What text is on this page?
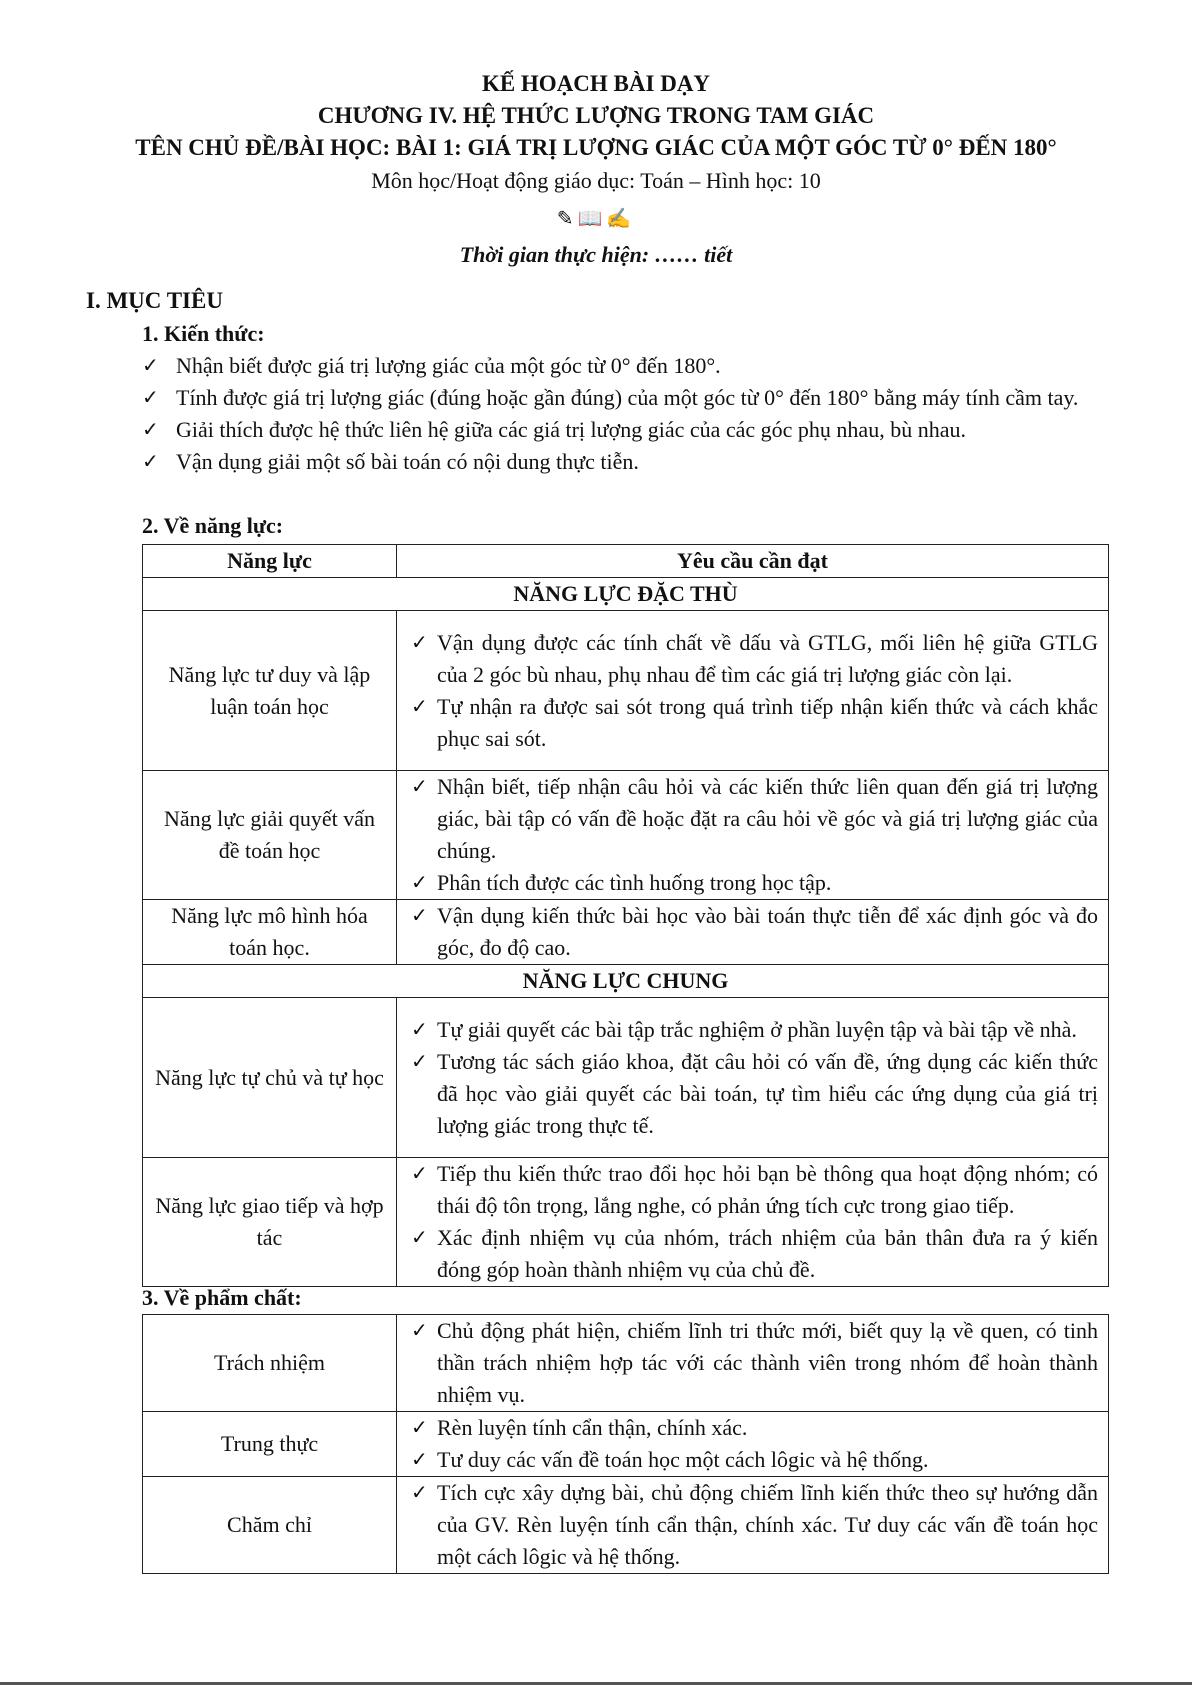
KẾ HOẠCH BÀI DẠY
CHƯƠNG IV. HỆ THỨC LƯỢNG TRONG TAM GIÁC
TÊN CHỦ ĐỀ/BÀI HỌC: BÀI 1: GIÁ TRỊ LƯỢNG GIÁC CỦA MỘT GÓC TỪ 0° ĐẾN 180°
Môn học/Hoạt động giáo dục: Toán – Hình học: 10
✎📖✍
Thời gian thực hiện: …… tiết
I. MỤC TIÊU
1. Kiến thức:
✓ Nhận biết được giá trị lượng giác của một góc từ 0° đến 180°.
✓ Tính được giá trị lượng giác (đúng hoặc gần đúng) của một góc từ 0° đến 180° bằng máy tính cầm tay.
✓ Giải thích được hệ thức liên hệ giữa các giá trị lượng giác của các góc phụ nhau, bù nhau.
✓ Vận dụng giải một số bài toán có nội dung thực tiễn.
2. Về năng lực:
Năng lực	Yêu cầu cần đạt
NĂNG LỰC ĐẶC THÙ	
Năng lực tư duy và lập luận toán học	✓ Vận dụng được các tính chất về dấu và GTLG, mối liên hệ giữa GTLG của 2 góc bù nhau, phụ nhau để tìm các giá trị lượng giác còn lại.
✓ Tự nhận ra được sai sót trong quá trình tiếp nhận kiến thức và cách khắc phục sai sót.

Năng lực giải quyết vấn đề toán học	✓ Nhận biết, tiếp nhận câu hỏi và các kiến thức liên quan đến giá trị lượng giác, bài tập có vấn đề hoặc đặt ra câu hỏi về góc và giá trị lượng giác của chúng.
✓ Phân tích được các tình huống trong học tập.

Năng lực mô hình hóa toán học.	✓ Vận dụng kiến thức bài học vào bài toán thực tiễn để xác định góc và đo góc, đo độ cao.

NĂNG LỰC CHUNG	
Năng lực tự chủ và tự học	✓ Tự giải quyết các bài tập trắc nghiệm ở phần luyện tập và bài tập về nhà.
✓ Tương tác sách giáo khoa, đặt câu hỏi có vấn đề, ứng dụng các kiến thức đã học vào giải quyết các bài toán, tự tìm hiểu các ứng dụng của giá trị lượng giác trong thực tế.

Năng lực giao tiếp và hợp tác	✓ Tiếp thu kiến thức trao đổi học hỏi bạn bè thông qua hoạt động nhóm; có thái độ tôn trọng, lắng nghe, có phản ứng tích cực trong giao tiếp.
✓ Xác định nhiệm vụ của nhóm, trách nhiệm của bản thân đưa ra ý kiến đóng góp hoàn thành nhiệm vụ của chủ đề.
3. Về phẩm chất:
Trách nhiệm	✓ Chủ động phát hiện, chiếm lĩnh tri thức mới, biết quy lạ về quen, có tinh thần trách nhiệm hợp tác với các thành viên trong nhóm để hoàn thành nhiệm vụ.

Trung thực	✓ Rèn luyện tính cẩn thận, chính xác.
✓ Tư duy các vấn đề toán học một cách lôgic và hệ thống.

Chăm chỉ	✓ Tích cực xây dựng bài, chủ động chiếm lĩnh kiến thức theo sự hướng dẫn của GV. Rèn luyện tính cẩn thận, chính xác. Tư duy các vấn đề toán học một cách lôgic và hệ thống.
